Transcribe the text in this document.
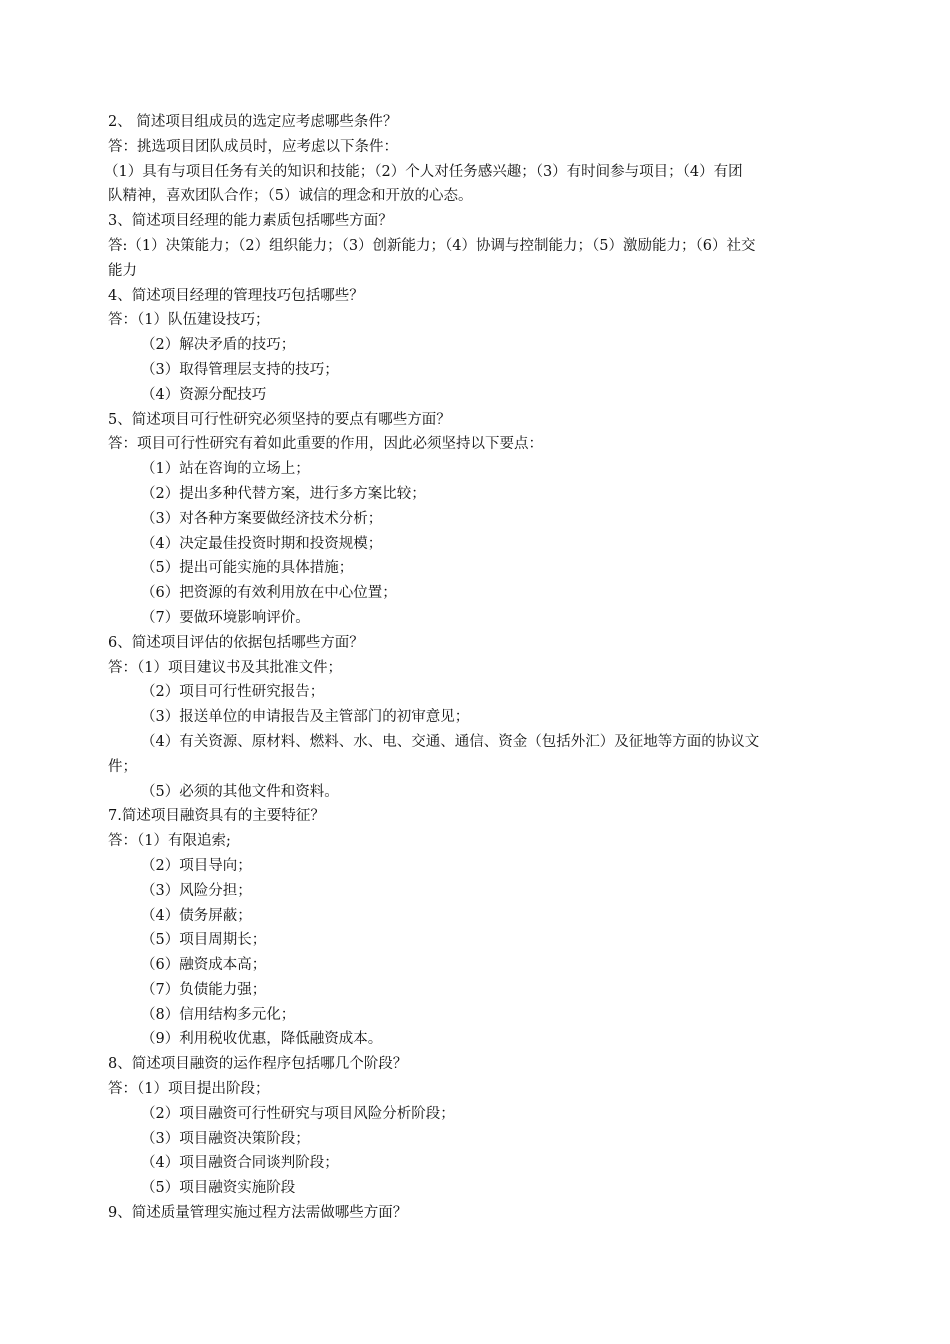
2、 简述项目组成员的选定应考虑哪些条件？

答：挑选项目团队成员时，应考虑以下条件：

（1）具有与项目任务有关的知识和技能；（2）个人对任务感兴趣；（3）有时间参与项目；（4）有团

队精神，喜欢团队合作；（5）诚信的理念和开放的心态。

3、简述项目经理的能力素质包括哪些方面？

答:（1）决策能力；（2）组织能力；（3）创新能力；（4）协调与控制能力；（5）激励能力；（6）社交

能力

4、简述项目经理的管理技巧包括哪些？

答：（1）队伍建设技巧；

（2）解决矛盾的技巧；

（3）取得管理层支持的技巧；

（4）资源分配技巧

5、简述项目可行性研究必须坚持的要点有哪些方面？

答：项目可行性研究有着如此重要的作用，因此必须坚持以下要点：

（1）站在咨询的立场上；

（2）提出多种代替方案，进行多方案比较；

（3）对各种方案要做经济技术分析；

（4）决定最佳投资时期和投资规模；

（5）提出可能实施的具体措施；

（6）把资源的有效利用放在中心位置；

（7）要做环境影响评价。

6、简述项目评估的依据包括哪些方面？

答：（1）项目建议书及其批准文件；

（2）项目可行性研究报告；

（3）报送单位的申请报告及主管部门的初审意见；

（4）有关资源、原材料、燃料、水、电、交通、通信、资金（包括外汇）及征地等方面的协议文

件；

（5）必须的其他文件和资料。

7.简述项目融资具有的主要特征？

答：（1）有限追索;

（2）项目导向；

（3）风险分担；

（4）债务屏蔽；

（5）项目周期长；

（6）融资成本高；

（7）负债能力强；

（8）信用结构多元化；

（9）利用税收优惠，降低融资成本。

8、简述项目融资的运作程序包括哪几个阶段？

答：（1）项目提出阶段；

（2）项目融资可行性研究与项目风险分析阶段；

（3）项目融资决策阶段；

（4）项目融资合同谈判阶段；

（5）项目融资实施阶段

9、简述质量管理实施过程方法需做哪些方面？
